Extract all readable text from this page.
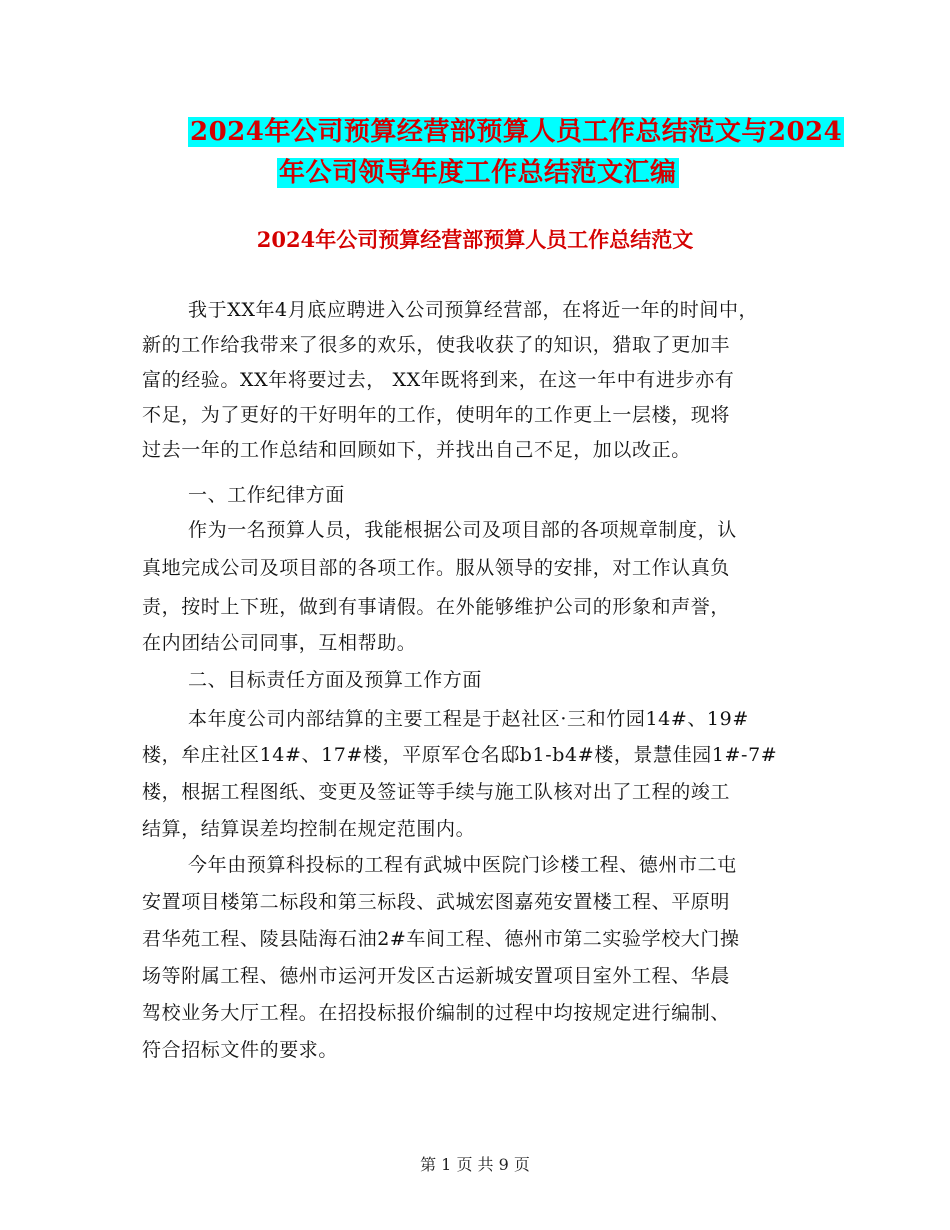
2024年公司预算经营部预算人员工作总结范文与2024
年公司领导年度工作总结范文汇编
2024年公司预算经营部预算人员工作总结范文
我于XX年4月底应聘进入公司预算经营部，在将近一年的时间中，
新的工作给我带来了很多的欢乐，使我收获了的知识，猎取了更加丰
富的经验。XX年将要过去， XX年既将到来，在这一年中有进步亦有
不足，为了更好的干好明年的工作，使明年的工作更上一层楼，现将
过去一年的工作总结和回顾如下，并找出自己不足，加以改正。
一、工作纪律方面
作为一名预算人员，我能根据公司及项目部的各项规章制度，认
真地完成公司及项目部的各项工作。服从领导的安排，对工作认真负
责，按时上下班，做到有事请假。在外能够维护公司的形象和声誉，
在内团结公司同事，互相帮助。
二、目标责任方面及预算工作方面
本年度公司内部结算的主要工程是于赵社区·三和竹园14#、19#
楼，牟庄社区14#、17#楼，平原军仓名邸b1-b4#楼，景慧佳园1#-7#
楼，根据工程图纸、变更及签证等手续与施工队核对出了工程的竣工
结算，结算误差均控制在规定范围内。
今年由预算科投标的工程有武城中医院门诊楼工程、德州市二屯
安置项目楼第二标段和第三标段、武城宏图嘉苑安置楼工程、平原明
君华苑工程、陵县陆海石油2#车间工程、德州市第二实验学校大门操
场等附属工程、德州市运河开发区古运新城安置项目室外工程、华晨
驾校业务大厅工程。在招投标报价编制的过程中均按规定进行编制、
符合招标文件的要求。
第 1 页 共 9 页
